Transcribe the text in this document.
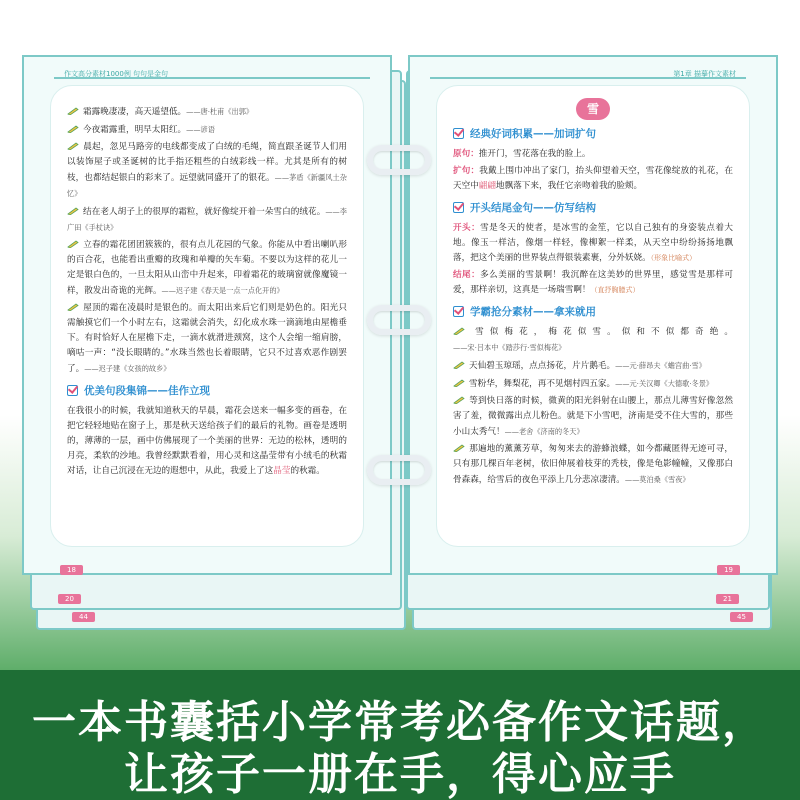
44	45
20	21
作文高分素材1000例 句句是金句
霜露晚凄凄，高天遥望低。——唐·杜甫《出郭》
今夜霜露重，明早太阳红。——谚语
晨起，忽见马路旁的电线都变成了白绒的毛绳，简直跟圣诞节人们用以装饰屋子或圣诞树的比手指还粗些的白绒彩线一样。尤其是所有的树枝，也都结起银白的彩来了。远望就同盛开了的银花。——茅盾《新疆风土杂忆》
结在老人胡子上的很厚的霜粒，就好像绽开着一朵雪白的绒花。——李广田《手杖诀》
立春的霜花团团簇簇的，很有点儿花园的气象。你能从中看出喇叭形的百合花，也能看出重瓣的玫瑰和单瓣的矢车菊。不要以为这样的花儿一定是银白色的，一旦太阳从山峦中升起来，印着霜花的玻璃窗就像魔镜一样，散发出奇诡的光辉。——迟子建《春天是一点一点化开的》
屋顶的霜在凌晨时是银色的。而太阳出来后它们则是奶色的。阳光只需触摸它们一个小时左右，这霜就会消失，幻化成水珠一滴滴地由屋檐垂下。有时恰好人在屋檐下走，一滴水就滑进颈窝，这个人会缩一缩肩膀，嘀咕一声：“没长眼睛的。”水珠当然也长着眼睛，它只不过喜欢恶作剧罢了。——迟子建《女孩的故乡》
优美句段集锦——佳作立现
在我很小的时候，我就知道秋天的早晨，霜花会送来一幅多变的画卷，在把它轻轻地贴在窗子上，那是秋天送给孩子们的最后的礼物。画卷是透明的，薄薄的一层，画中仿佛展现了一个美丽的世界：无边的松林，透明的月亮，柔软的沙地。我曾经默默看着，用心灵和这晶莹带有小绒毛的秋霜对话，让自己沉浸在无边的遐想中，从此，我爱上了这晶莹的秋霜。
18
第1章 描摹作文素材
雪
经典好词积累——加词扩句
原句：推开门，雪花落在我的脸上。
扩句：我戴上围巾冲出了家门，抬头仰望着天空，雪花像绽放的礼花，在天空中翩翩地飘落下来，我任它亲吻着我的脸颊。
开头结尾金句——仿写结构
开头：雪是冬天的使者，是冰雪的金笙，它以自己独有的身姿装点着大地。像玉一样洁，像烟一样轻，像柳絮一样柔，从天空中纷纷扬扬地飘落，把这个美丽的世界装点得银装素裹，分外妖娆。（形象比喻式）
结尾：多么美丽的雪景啊！我沉醉在这美妙的世界里，感觉雪是那样可爱，那样亲切，这真是一场瑞雪啊！（直抒胸臆式）
学霸抢分素材——拿来就用
雪似梅花，梅花似雪。似和不似都奇绝。——宋·吕本中《踏莎行·雪似梅花》
天仙碧玉琼瑶，点点扬花，片片鹅毛。——元·薛昂夫《蟾宫曲·雪》
雪粉华，舞梨花，再不见烟村四五家。——元·关汉卿《大德歌·冬景》
等到快日落的时候，微黄的阳光斜射在山腰上，那点儿薄雪好像忽然害了羞，微微露出点儿粉色。就是下小雪吧，济南是受不住大雪的，那些小山太秀气！——老舍《济南的冬天》
那遍地的薰薰芳草，匆匆来去的游蜂浪蝶，如今都藏匿得无迹可寻，只有那几棵百年老树，依旧伸展着枝芽的秃枝，像是龟影幢幢，又像那白骨森森，给雪后的夜色平添上几分悲凉凄清。——莫泊桑《雪夜》
19
一本书囊括小学常考必备作文话题，
让孩子一册在手，得心应手
